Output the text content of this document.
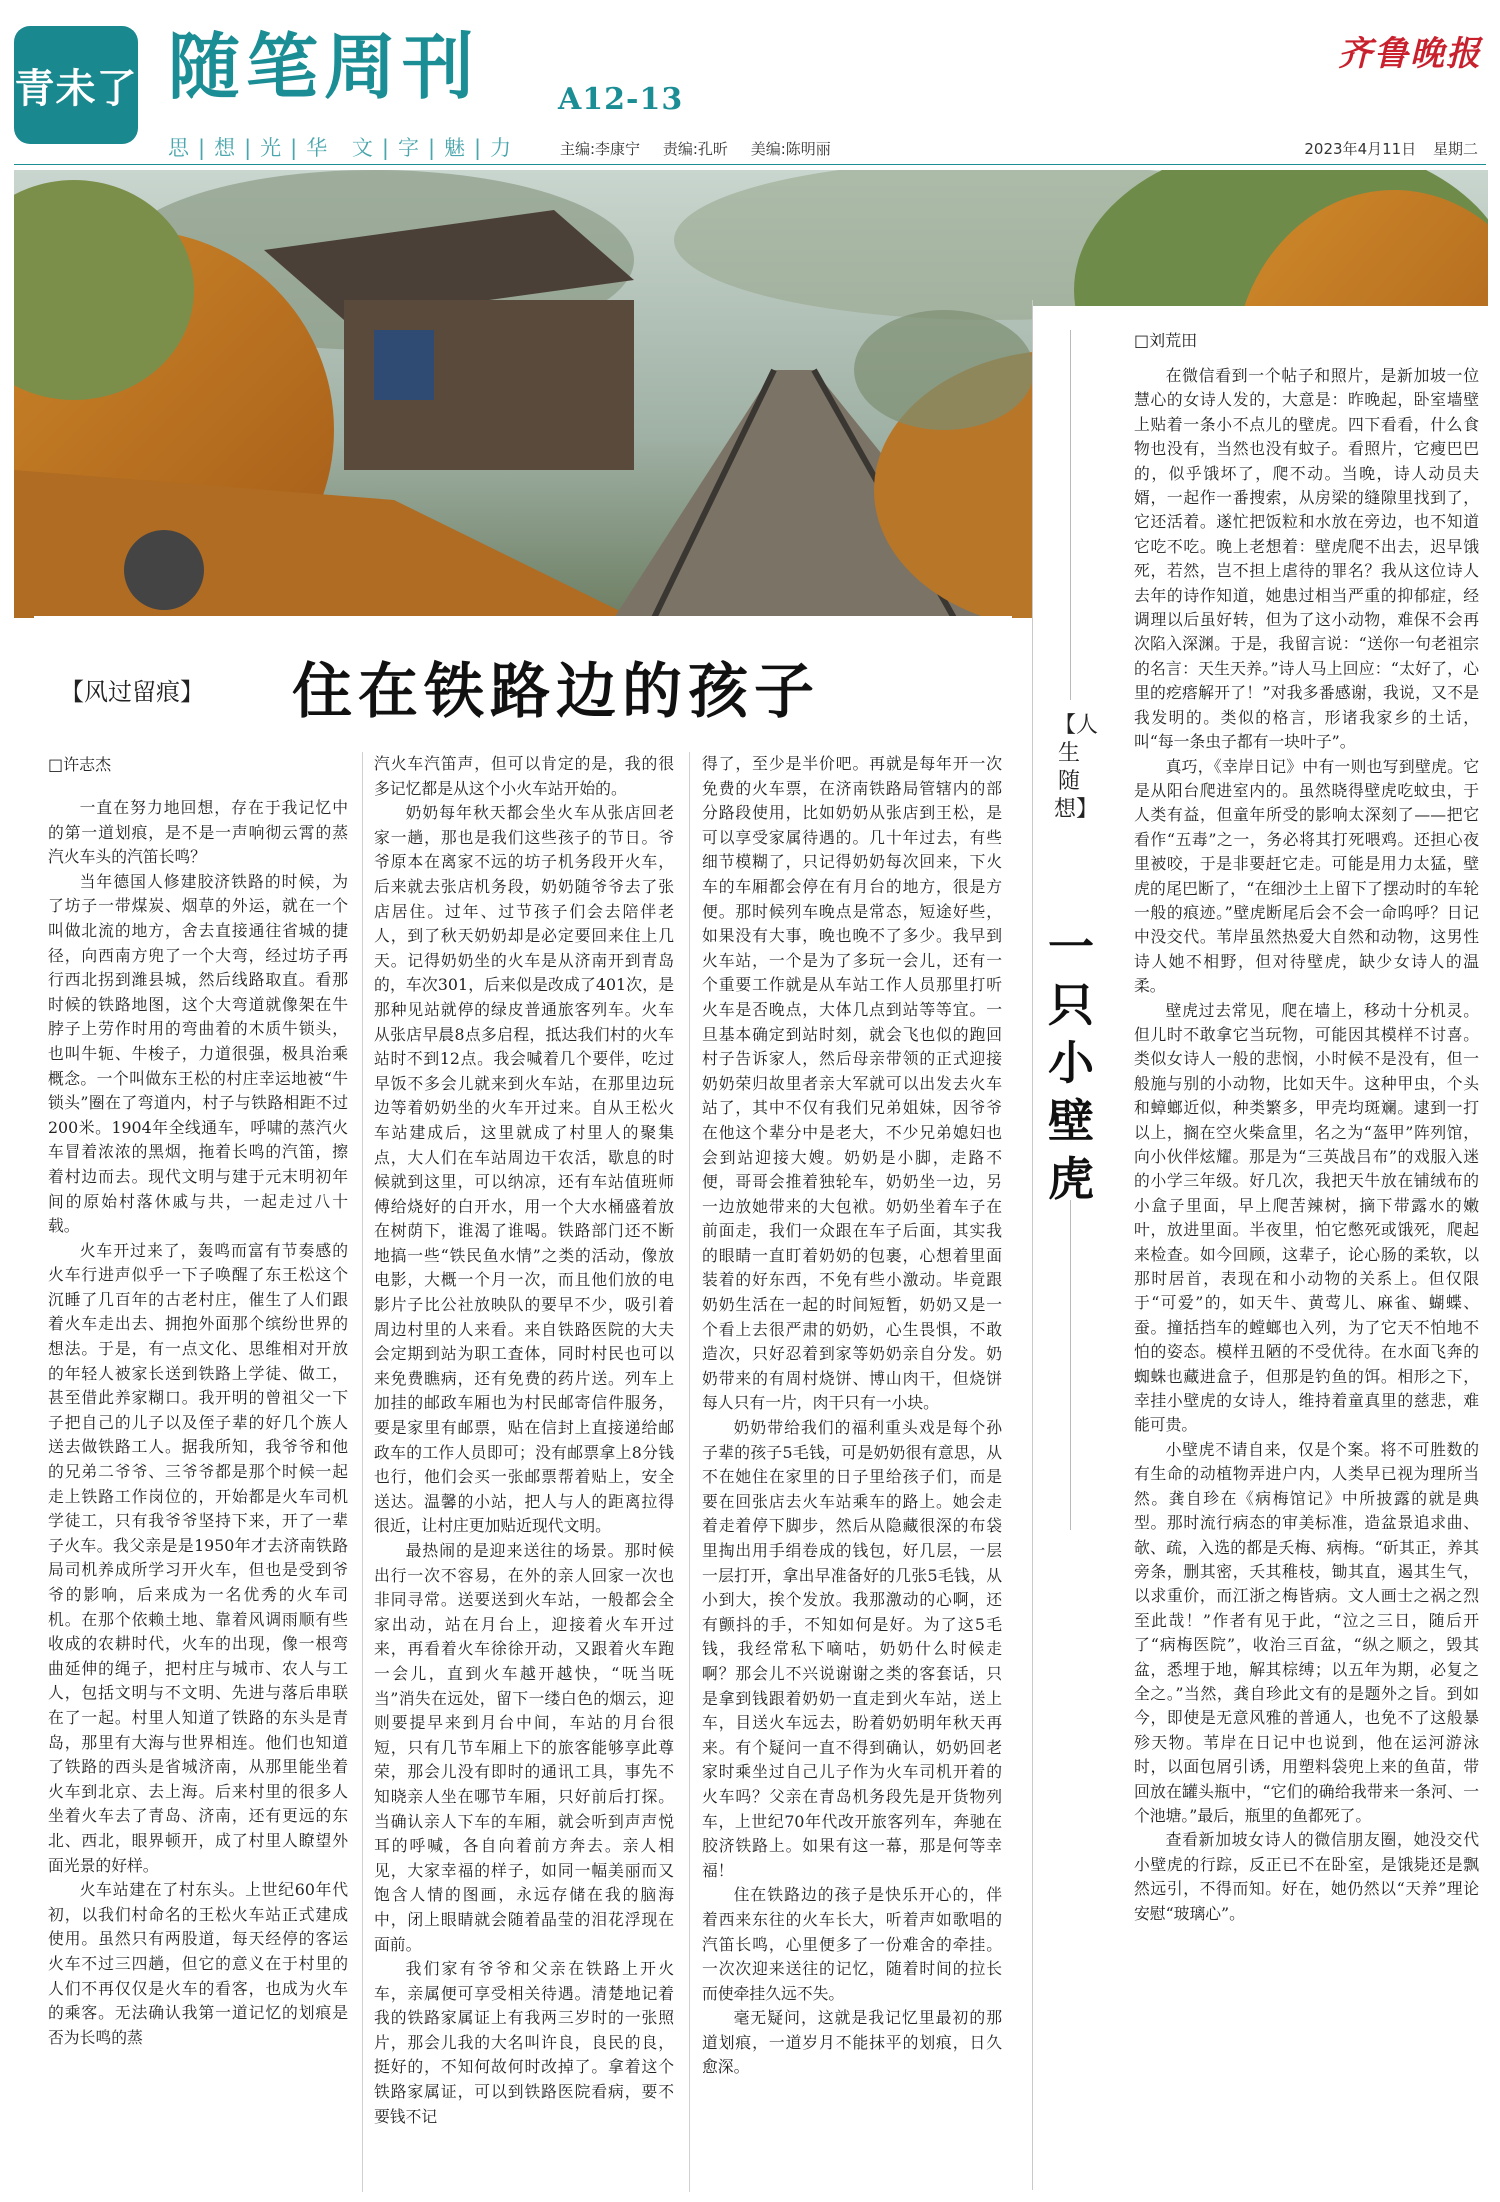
青未了 随笔周刊	A12-13
思|想|光|华 文|字|魅|力	主编:李康宁 责编:孔昕 美编:陈明丽
齐鲁晚报
2023年4月11日 星期二
【风过留痕】 住在铁路边的孩子
□许志杰

一直在努力地回想，存在于我记忆中的第一道划痕，是不是一声响彻云霄的蒸汽火车头的汽笛长鸣？

当年德国人修建胶济铁路的时候，为了坊子一带煤炭、烟草的外运，就在一个叫做北流的地方，舍去直接通往省城的捷径，向西南方兜了一个大弯，经过坊子再行西北拐到潍县城，然后线路取直。看那时候的铁路地图，这个大弯道就像架在牛脖子上劳作时用的弯曲着的木质牛锁头，也叫牛轭、牛梭子，力道很强，极具治乘概念。一个叫做东王松的村庄幸运地被“牛锁头”圈在了弯道内，村子与铁路相距不过200米。1904年全线通车，呼啸的蒸汽火车冒着浓浓的黑烟，拖着长鸣的汽笛，擦着村边而去。现代文明与建于元末明初年间的原始村落休戚与共，一起走过八十载。

火车开过来了，轰鸣而富有节奏感的火车行进声似乎一下子唤醒了东王松这个沉睡了几百年的古老村庄，催生了人们跟着火车走出去、拥抱外面那个缤纷世界的想法。于是，有一点文化、思维相对开放的年轻人被家长送到铁路上学徒、做工，甚至借此养家糊口。我开明的曾祖父一下子把自己的儿子以及侄子辈的好几个族人送去做铁路工人。据我所知，我爷爷和他的兄弟二爷爷、三爷爷都是那个时候一起走上铁路工作岗位的，开始都是火车司机学徒工，只有我爷爷坚持下来，开了一辈子火车。我父亲是是1950年才去济南铁路局司机养成所学习开火车，但也是受到爷爷的影响，后来成为一名优秀的火车司机。在那个依赖土地、靠着风调雨顺有些收成的农耕时代，火车的出现，像一根弯曲延伸的绳子，把村庄与城市、农人与工人，包括文明与不文明、先进与落后串联在了一起。村里人知道了铁路的东头是青岛，那里有大海与世界相连。他们也知道了铁路的西头是省城济南，从那里能坐着火车到北京、去上海。后来村里的很多人坐着火车去了青岛、济南，还有更远的东北、西北，眼界顿开，成了村里人瞭望外面光景的好样。

火车站建在了村东头。上世纪60年代初，以我们村命名的王松火车站正式建成使用。虽然只有两股道，每天经停的客运火车不过三四趟，但它的意义在于村里的人们不再仅仅是火车的看客，也成为火车的乘客。无法确认我第一道记忆的划痕是否为长鸣的蒸

汽火车汽笛声，但可以肯定的是，我的很多记忆都是从这个小火车站开始的。

奶奶每年秋天都会坐火车从张店回老家一趟，那也是我们这些孩子的节日。爷爷原本在离家不远的坊子机务段开火车，后来就去张店机务段，奶奶随爷爷去了张店居住。过年、过节孩子们会去陪伴老人，到了秋天奶奶却是必定要回来住上几天。记得奶奶坐的火车是从济南开到青岛的，车次301，后来似是改成了401次，是那种见站就停的绿皮普通旅客列车。火车从张店早晨8点多启程，抵达我们村的火车站时不到12点。我会喊着几个要伴，吃过早饭不多会儿就来到火车站，在那里边玩边等着奶奶坐的火车开过来。自从王松火车站建成后，这里就成了村里人的聚集点，大人们在车站周边干农活，歇息的时候就到这里，可以纳凉，还有车站值班师傅给烧好的白开水，用一个大水桶盛着放在树荫下，谁渴了谁喝。铁路部门还不断地搞一些“铁民鱼水情”之类的活动，像放电影，大概一个月一次，而且他们放的电影片子比公社放映队的要早不少，吸引着周边村里的人来看。来自铁路医院的大夫会定期到站为职工査体，同时村民也可以来免费瞧病，还有免费的药片送。列车上加挂的邮政车厢也为村民邮寄信件服务，要是家里有邮票，贴在信封上直接递给邮政车的工作人员即可；没有邮票拿上8分钱也行，他们会买一张邮票帮着贴上，安全送达。温馨的小站，把人与人的距离拉得很近，让村庄更加贴近现代文明。

最热闹的是迎来送往的场景。那时候出行一次不容易，在外的亲人回家一次也非同寻常。送要送到火车站，一般都会全家出动，站在月台上，迎接着火车开过来，再看着火车徐徐开动，又跟着火车跑一会儿，直到火车越开越快，“呒当呒当”消失在远处，留下一缕白色的烟云，迎则要提早来到月台中间，车站的月台很短，只有几节车厢上下的旅客能够享此尊荣，那会儿没有即时的通讯工具，事先不知晓亲人坐在哪节车厢，只好前后打探。当确认亲人下车的车厢，就会听到声声悦耳的呼喊，各自向着前方奔去。亲人相见，大家幸福的样子，如同一幅美丽而又饱含人情的图画，永远存储在我的脑海中，闭上眼睛就会随着晶莹的泪花浮现在面前。

我们家有爷爷和父亲在铁路上开火车，亲属便可享受相关待遇。清楚地记着我的铁路家属证上有我两三岁时的一张照片，那会儿我的大名叫许良，良民的良，挺好的，不知何故何时改掉了。拿着这个铁路家属证，可以到铁路医院看病，要不要钱不记

得了，至少是半价吧。再就是每年开一次免费的火车票，在济南铁路局管辖内的部分路段使用，比如奶奶从张店到王松，是可以享受家属待遇的。几十年过去，有些细节模糊了，只记得奶奶每次回来，下火车的车厢都会停在有月台的地方，很是方便。那时候列车晚点是常态，短途好些，如果没有大事，晚也晚不了多少。我早到火车站，一个是为了多玩一会儿，还有一个重要工作就是从车站工作人员那里打听火车是否晚点，大体几点到站等等宜。一旦基本确定到站时刻，就会飞也似的跑回村子告诉家人，然后母亲带领的正式迎接奶奶荣归故里者亲大军就可以出发去火车站了，其中不仅有我们兄弟姐妹，因爷爷在他这个辈分中是老大，不少兄弟媳妇也会到站迎接大嫂。奶奶是小脚，走路不便，哥哥会推着独轮车，奶奶坐一边，另一边放她带来的大包袱。奶奶坐着车子在前面走，我们一众跟在车子后面，其实我的眼睛一直盯着奶奶的包裹，心想着里面装着的好东西，不免有些小激动。毕竟跟奶奶生活在一起的时间短暂，奶奶又是一个看上去很严肃的奶奶，心生畏惧，不敢造次，只好忍着到家等奶奶亲自分发。奶奶带来的有周村烧饼、博山肉干，但烧饼每人只有一片，肉干只有一小块。

奶奶带给我们的福利重头戏是每个孙子辈的孩子5毛钱，可是奶奶很有意思，从不在她住在家里的日子里给孩子们，而是要在回张店去火车站乘车的路上。她会走着走着停下脚步，然后从隐藏很深的布袋里掏出用手绢卷成的钱包，好几层，一层一层打开，拿出早准备好的几张5毛钱，从小到大，挨个发放。我那激动的心啊，还有颤抖的手，不知如何是好。为了这5毛钱，我经常私下嘀咕，奶奶什么时候走啊？那会儿不兴说谢谢之类的客套话，只是拿到钱跟着奶奶一直走到火车站，送上车，目送火车远去，盼着奶奶明年秋天再来。有个疑问一直不得到确认，奶奶回老家时乘坐过自己儿子作为火车司机开着的火车吗？父亲在青岛机务段先是开货物列车，上世纪70年代改开旅客列车，奔驰在胶济铁路上。如果有这一幕，那是何等幸福！

住在铁路边的孩子是快乐开心的，伴着西来东往的火车长大，听着声如歌唱的汽笛长鸣，心里便多了一份难舍的牵挂。一次次迎来送往的记忆，随着时间的拉长而使牵挂久远不失。

毫无疑问，这就是我记忆里最初的那道划痕，一道岁月不能抹平的划痕，日久愈深。

□刘荒田
【人生随想】
一只小壁虎

在微信看到一个帖子和照片，是新加坡一位慧心的女诗人发的，大意是：昨晚起，卧室墙壁上贴着一条小不点儿的壁虎。四下看看，什么食物也没有，当然也没有蚊子。看照片，它瘦巴巴的，似乎饿坏了，爬不动。当晚，诗人动员夫婿，一起作一番搜索，从房梁的缝隙里找到了，它还活着。遂忙把饭粒和水放在旁边，也不知道它吃不吃。晚上老想着：壁虎爬不出去，迟早饿死，若然，岂不担上虐待的罪名？我从这位诗人去年的诗作知道，她患过相当严重的抑郁症，经调理以后虽好转，但为了这小动物，难保不会再次陷入深渊。于是，我留言说：“送你一句老祖宗的名言：天生天养。”诗人马上回应：“太好了，心里的疙瘩解开了！”对我多番感谢，我说，又不是我发明的。类似的格言，形诸我家乡的土话，叫“每一条虫子都有一块叶子”。

真巧，《幸岸日记》中有一则也写到壁虎。它是从阳台爬进室内的。虽然晓得壁虎吃蚊虫，于人类有益，但童年所受的影响太深刻了——把它看作“五毒”之一，务必将其打死喂鸡。还担心夜里被咬，于是非要赶它走。可能是用力太猛，壁虎的尾巴断了，“在细沙土上留下了摆动时的车轮一般的痕迹。”壁虎断尾后会不会一命呜呼？日记中没交代。苇岸虽然热爱大自然和动物，这男性诗人她不相野，但对待壁虎，缺少女诗人的温柔。

壁虎过去常见，爬在墙上，移动十分机灵。但儿时不敢拿它当玩物，可能因其模样不讨喜。类似女诗人一般的悲悯，小时候不是没有，但一般施与别的小动物，比如天牛。这种甲虫，个头和蟑螂近似，种类繁多，甲壳均斑斓。逮到一打以上，搁在空火柴盒里，名之为“盔甲”阵列馆，向小伙伴炫耀。那是为“三英战吕布”的戏服入迷的小学三年级。好几次，我把天牛放在铺绒布的小盒子里面，早上爬苦辣树，摘下带露水的嫩叶，放进里面。半夜里，怕它憋死或饿死，爬起来检查。如今回顾，这辈子，论心肠的柔软，以那时居首，表现在和小动物的关系上。但仅限于“可爱”的，如天牛、黄莺儿、麻雀、蝴蝶、蚕。撞括挡车的螳螂也入列，为了它天不怕地不怕的姿态。模样丑陋的不受优待。在水面飞奔的蜘蛛也藏进盒子，但那是钓鱼的饵。相形之下，幸挂小壁虎的女诗人，维持着童真里的慈悲，难能可贵。

小壁虎不请自来，仅是个案。将不可胜数的有生命的动植物弄进户内，人类早已视为理所当然。龚自珍在《病梅馆记》中所披露的就是典型。那时流行病态的审美标准，造盆景追求曲、欹、疏，入选的都是夭梅、病梅。“斫其正，养其旁条，删其密，夭其稚枝，锄其直，遏其生气，以求重价，而江浙之梅皆病。文人画士之祸之烈至此哉！”作者有见于此，“泣之三日，随后开了“病梅医院”，收治三百盆，“纵之顺之，毁其盆，悉埋于地，解其棕缚；以五年为期，必复之全之。”当然，龚自珍此文有的是题外之旨。到如今，即使是无意风雅的普通人，也免不了这般暴殄天物。苇岸在日记中也说到，他在运河游泳时，以面包屑引诱，用塑料袋兜上来的鱼苗，带回放在罐头瓶中，“它们的确给我带来一条河、一个池塘。”最后，瓶里的鱼都死了。

查看新加坡女诗人的微信朋友圈，她没交代小壁虎的行踪，反正已不在卧室，是饿毙还是飘然远引，不得而知。好在，她仍然以“天养”理论安慰“玻璃心”。
